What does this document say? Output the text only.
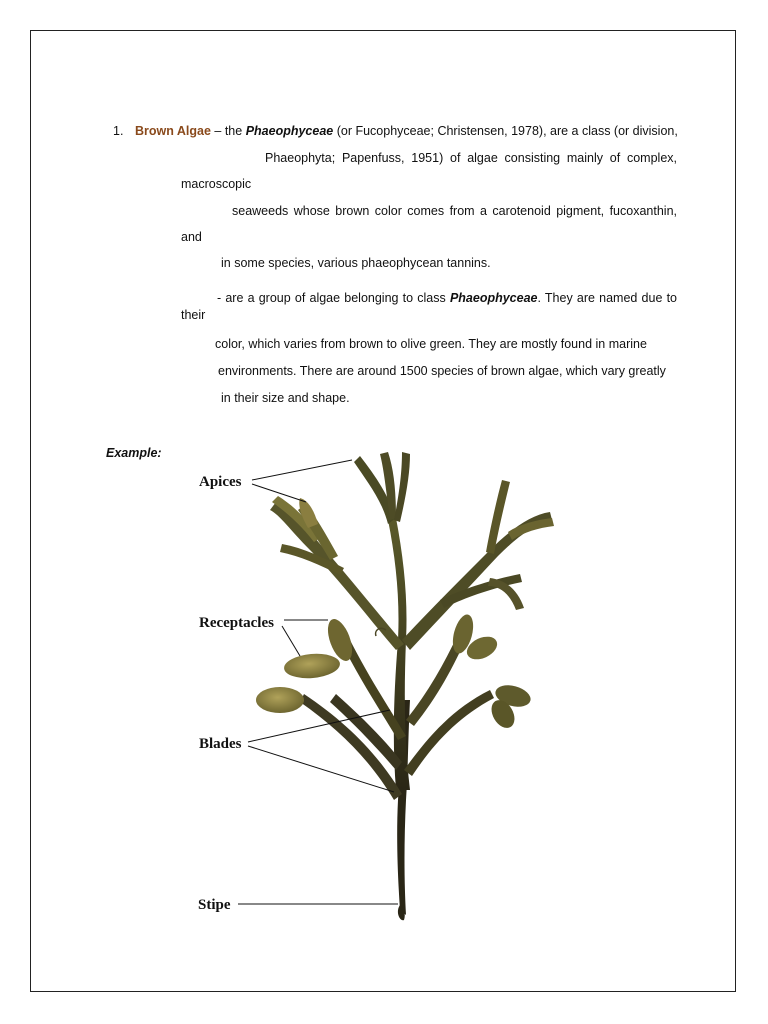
1. Brown Algae – the Phaeophyceae (or Fucophyceae; Christensen, 1978), are a class (or division,
Phaeophyta; Papenfuss, 1951) of algae consisting mainly of complex,
macroscopic
seaweeds whose brown color comes from a carotenoid pigment, fucoxanthin,
and
in some species, various phaeophycean tannins.
- are a group of algae belonging to class Phaeophyceae. They are named due to
their
color, which varies from brown to olive green. They are mostly found in marine
environments. There are around 1500 species of brown algae, which vary greatly
in their size and shape.
Example:
Apices
Receptacles
Blades
Stipe
